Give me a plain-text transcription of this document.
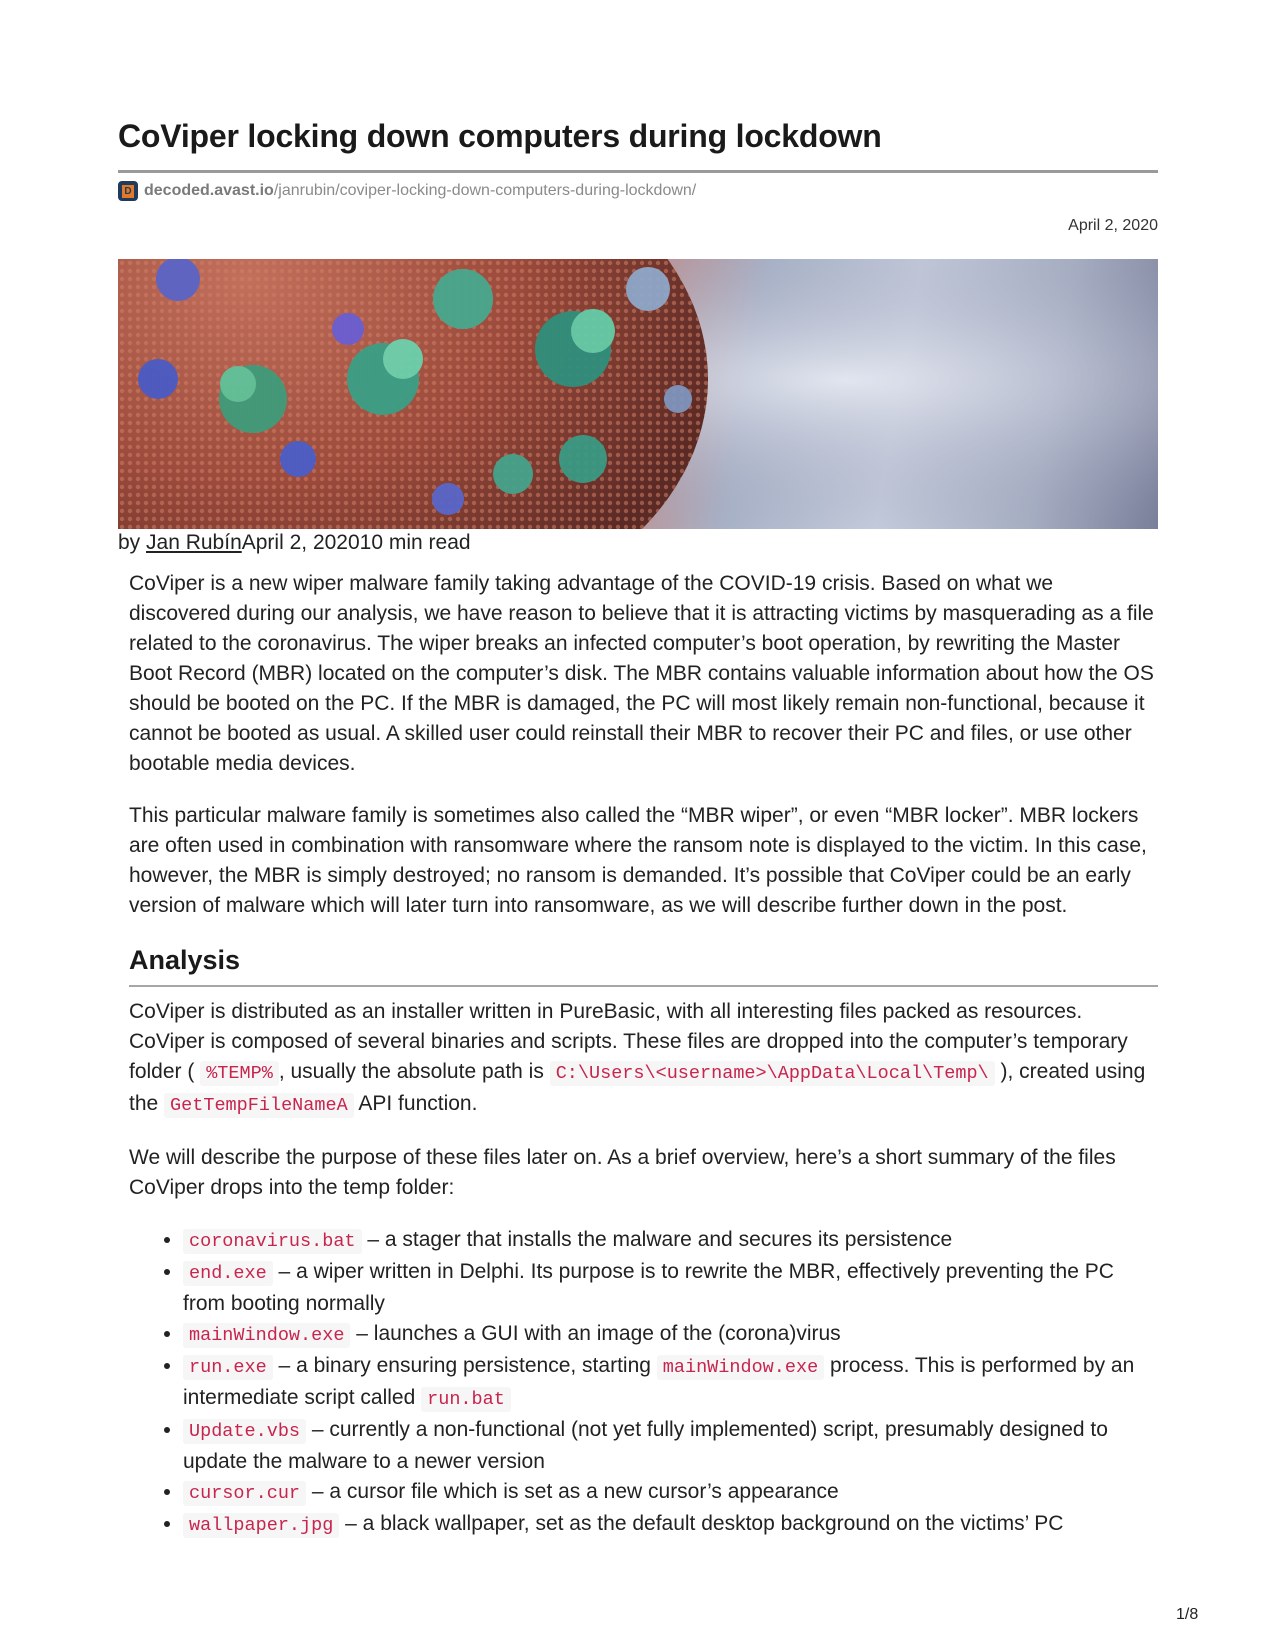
CoViper locking down computers during lockdown
D decoded.avast.io /janrubin/coviper-locking-down-computers-during-lockdown/
April 2, 2020
by Jan RubínApril 2, 202010 min read

CoViper is a new wiper malware family taking advantage of the COVID-19 crisis. Based on what we discovered during our analysis, we have reason to believe that it is attracting victims by masquerading as a file related to the coronavirus. The wiper breaks an infected computer’s boot operation, by rewriting the Master Boot Record (MBR) located on the computer’s disk. The MBR contains valuable information about how the OS should be booted on the PC. If the MBR is damaged, the PC will most likely remain non-functional, because it cannot be booted as usual. A skilled user could reinstall their MBR to recover their PC and files, or use other bootable media devices.

This particular malware family is sometimes also called the “MBR wiper”, or even “MBR locker”. MBR lockers are often used in combination with ransomware where the ransom note is displayed to the victim. In this case, however, the MBR is simply destroyed; no ransom is demanded. It’s possible that CoViper could be an early version of malware which will later turn into ransomware, as we will describe further down in the post.

Analysis

CoViper is distributed as an installer written in PureBasic, with all interesting files packed as resources. CoViper is composed of several binaries and scripts. These files are dropped into the computer’s temporary folder ( %TEMP% , usually the absolute path is C:\Users\<username>\AppData\Local\Temp\ ), created using the GetTempFileNameA API function.

We will describe the purpose of these files later on. As a brief overview, here’s a short summary of the files CoViper drops into the temp folder:

• coronavirus.bat – a stager that installs the malware and secures its persistence
• end.exe – a wiper written in Delphi. Its purpose is to rewrite the MBR, effectively preventing the PC from booting normally
• mainWindow.exe – launches a GUI with an image of the (corona)virus
• run.exe – a binary ensuring persistence, starting mainWindow.exe process. This is performed by an intermediate script called run.bat
• Update.vbs – currently a non-functional (not yet fully implemented) script, presumably designed to update the malware to a newer version
• cursor.cur – a cursor file which is set as a new cursor’s appearance
• wallpaper.jpg – a black wallpaper, set as the default desktop background on the victims’ PC
1/8
